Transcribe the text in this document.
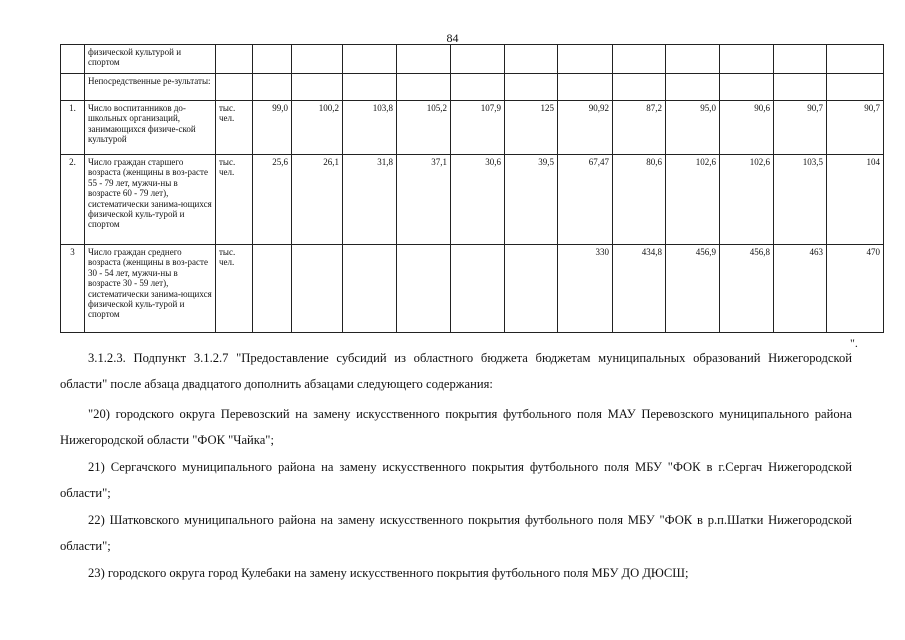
84
	физической культурой и спортом														
	Непосредственные ре-зультаты:														
1.	Число воспитанников до-школьных организаций, занимающихся физиче-ской культурой	тыс. чел.	99,0	100,2	103,8	105,2	107,9	125	90,92	87,2	95,0	90,6	90,7	90,7	
2.	Число граждан старшего возраста (женщины в воз-расте 55 - 79 лет, мужчи-ны в возрасте 60 - 79 лет), систематически занима-ющихся физической куль-турой и спортом	тыс. чел.	25,6	26,1	31,8	37,1	30,6	39,5	67,47	80,6	102,6	102,6	103,5	104	
3	Число граждан среднего возраста (женщины в воз-расте 30 - 54 лет, мужчи-ны в возрасте 30 - 59 лет), систематически занима-ющихся физической куль-турой и спортом	тыс. чел.							330	434,8	456,9	456,8	463	470	
".
3.1.2.3. Подпункт 3.1.2.7 "Предоставление субсидий из областного бюджета бюджетам муниципальных образований Нижегородской области" после абзаца двадцатого дополнить абзацами следующего содержания:
"20) городского округа Перевозский на замену искусственного покрытия футбольного поля МАУ Перевозского муниципального района Нижегородской области "ФОК "Чайка";
21) Сергачского муниципального района на замену искусственного покрытия футбольного поля МБУ "ФОК в г.Сергач Нижегородской области";
22) Шатковского муниципального района на замену искусственного покрытия футбольного поля МБУ "ФОК в р.п.Шатки Нижегородской области";
23) городского округа город Кулебаки на замену искусственного покрытия футбольного поля МБУ ДО ДЮСШ;
